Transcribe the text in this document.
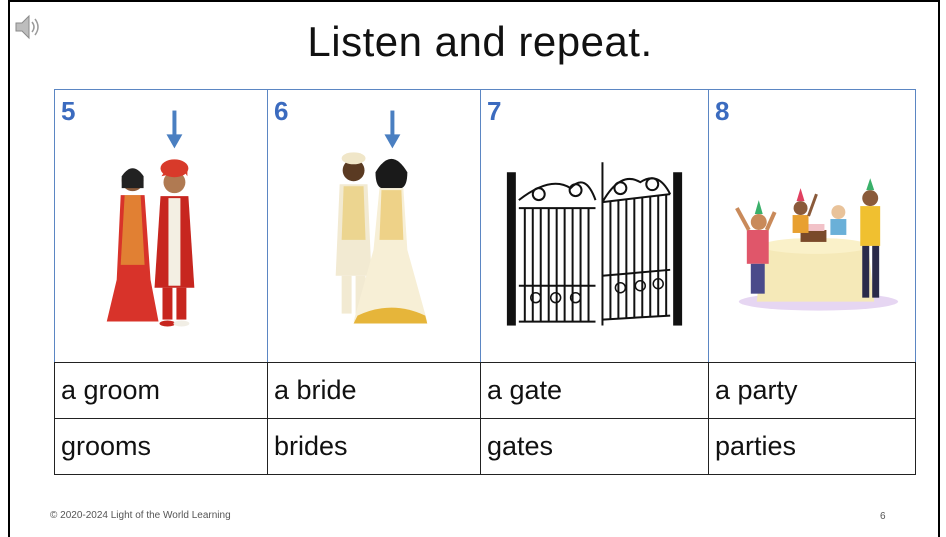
Listen and repeat.
5	6	7	8

a groom	a bride	a gate	a party
grooms	brides	gates	parties
© 2020-2024 Light of the World Learning	6
